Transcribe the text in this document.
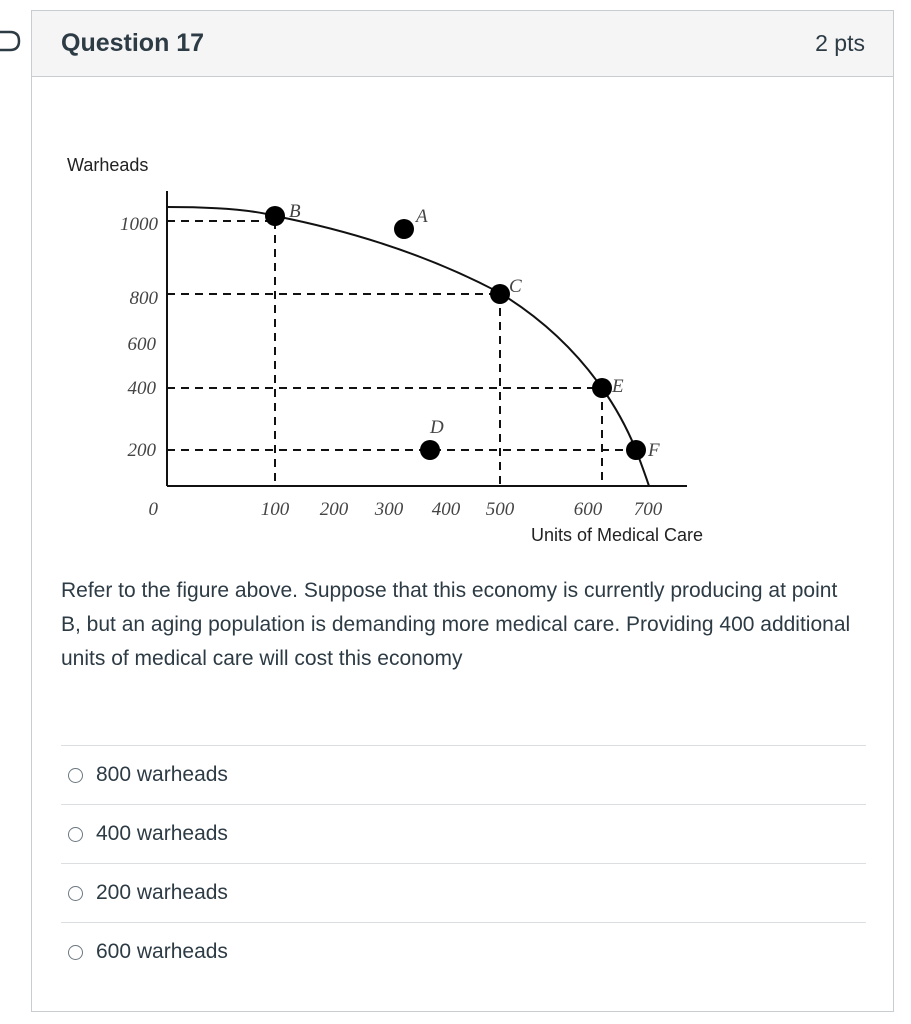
Question 17	2 pts
Warheads
Units of Medical Care
1000
800
600
400
200
0	100 200 300 400 500	600 700
B	A
C
E
D
F
Refer to the figure above. Suppose that this economy is currently producing at point B, but an aging population is demanding more medical care. Providing 400 additional units of medical care will cost this economy
800 warheads
400 warheads
200 warheads
600 warheads
